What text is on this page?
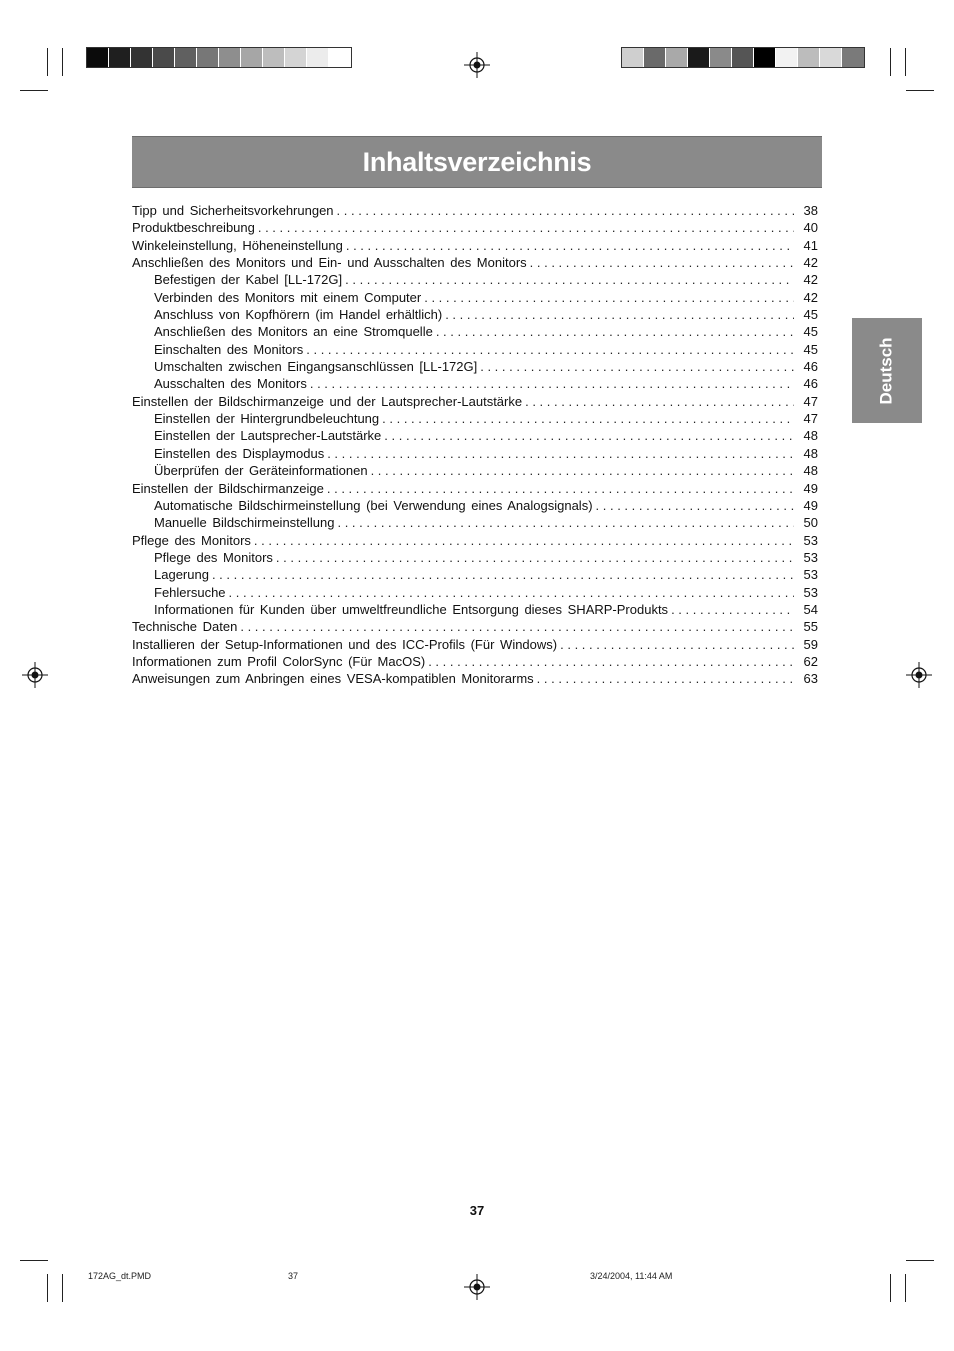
Inhaltsverzeichnis
Deutsch
Tipp und Sicherheitsvorkehrungen . . .	38
Produktbeschreibung . . .	40
Winkeleinstellung, Höheneinstellung . . .	41
Anschließen des Monitors und Ein- und Ausschalten des Monitors . . .	42
Befestigen der Kabel [LL-172G] . . .	42
Verbinden des Monitors mit einem Computer . . .	42
Anschluss von Kopfhörern (im Handel erhältlich) . . .	45
Anschließen des Monitors an eine Stromquelle . . .	45
Einschalten des Monitors . . .	45
Umschalten zwischen Eingangsanschlüssen [LL-172G] . . .	46
Ausschalten des Monitors . . .	46
Einstellen der Bildschirmanzeige und der Lautsprecher-Lautstärke . . .	47
Einstellen der Hintergrundbeleuchtung . . .	47
Einstellen der Lautsprecher-Lautstärke . . .	48
Einstellen des Displaymodus . . .	48
Überprüfen der Geräteinformationen . . .	48
Einstellen der Bildschirmanzeige . . .	49
Automatische Bildschirmeinstellung (bei Verwendung eines Analogsignals) . . .	49
Manuelle Bildschirmeinstellung . . .	50
Pflege des Monitors . . .	53
Pflege des Monitors . . .	53
Lagerung . . .	53
Fehlersuche . . .	53
Informationen für Kunden über umweltfreundliche Entsorgung dieses SHARP-Produkts . . .	54
Technische Daten . . .	55
Installieren der Setup-Informationen und des ICC-Profils (Für Windows) . . .	59
Informationen zum Profil ColorSync (Für MacOS) . . .	62
Anweisungen zum Anbringen eines VESA-kompatiblen Monitorarms . . .	63
37
172AG_dt.PMD	37	3/24/2004, 11:44 AM
